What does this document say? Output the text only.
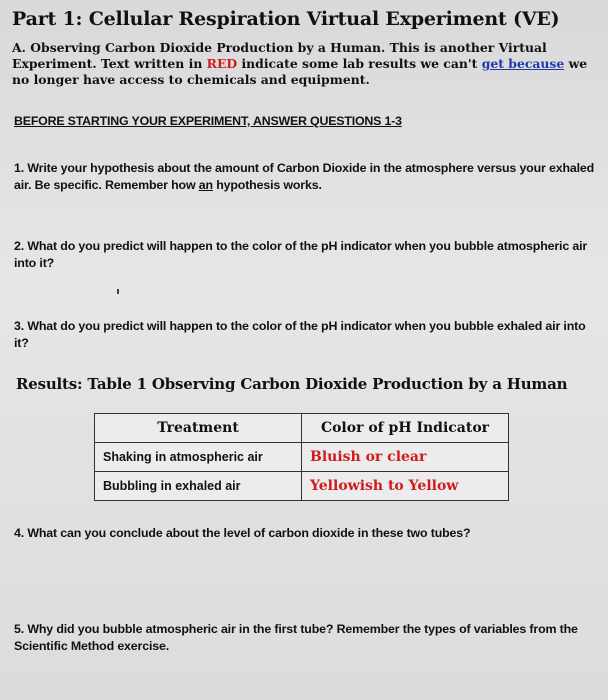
Part 1: Cellular Respiration Virtual Experiment (VE)
A. Observing Carbon Dioxide Production by a Human. This is another Virtual Experiment. Text written in RED indicate some lab results we can't get because we no longer have access to chemicals and equipment.
BEFORE STARTING YOUR EXPERIMENT, ANSWER QUESTIONS 1-3
1. Write your hypothesis about the amount of Carbon Dioxide in the atmosphere versus your exhaled air. Be specific. Remember how an hypothesis works.
2. What do you predict will happen to the color of the pH indicator when you bubble atmospheric air into it?
3. What do you predict will happen to the color of the pH indicator when you bubble exhaled air into it?
Results: Table 1 Observing Carbon Dioxide Production by a Human
Treatment	Color of pH Indicator
Shaking in atmospheric air	Bluish or clear
Bubbling in exhaled air	Yellowish to Yellow
4. What can you conclude about the level of carbon dioxide in these two tubes?
5. Why did you bubble atmospheric air in the first tube? Remember the types of variables from the Scientific Method exercise.
